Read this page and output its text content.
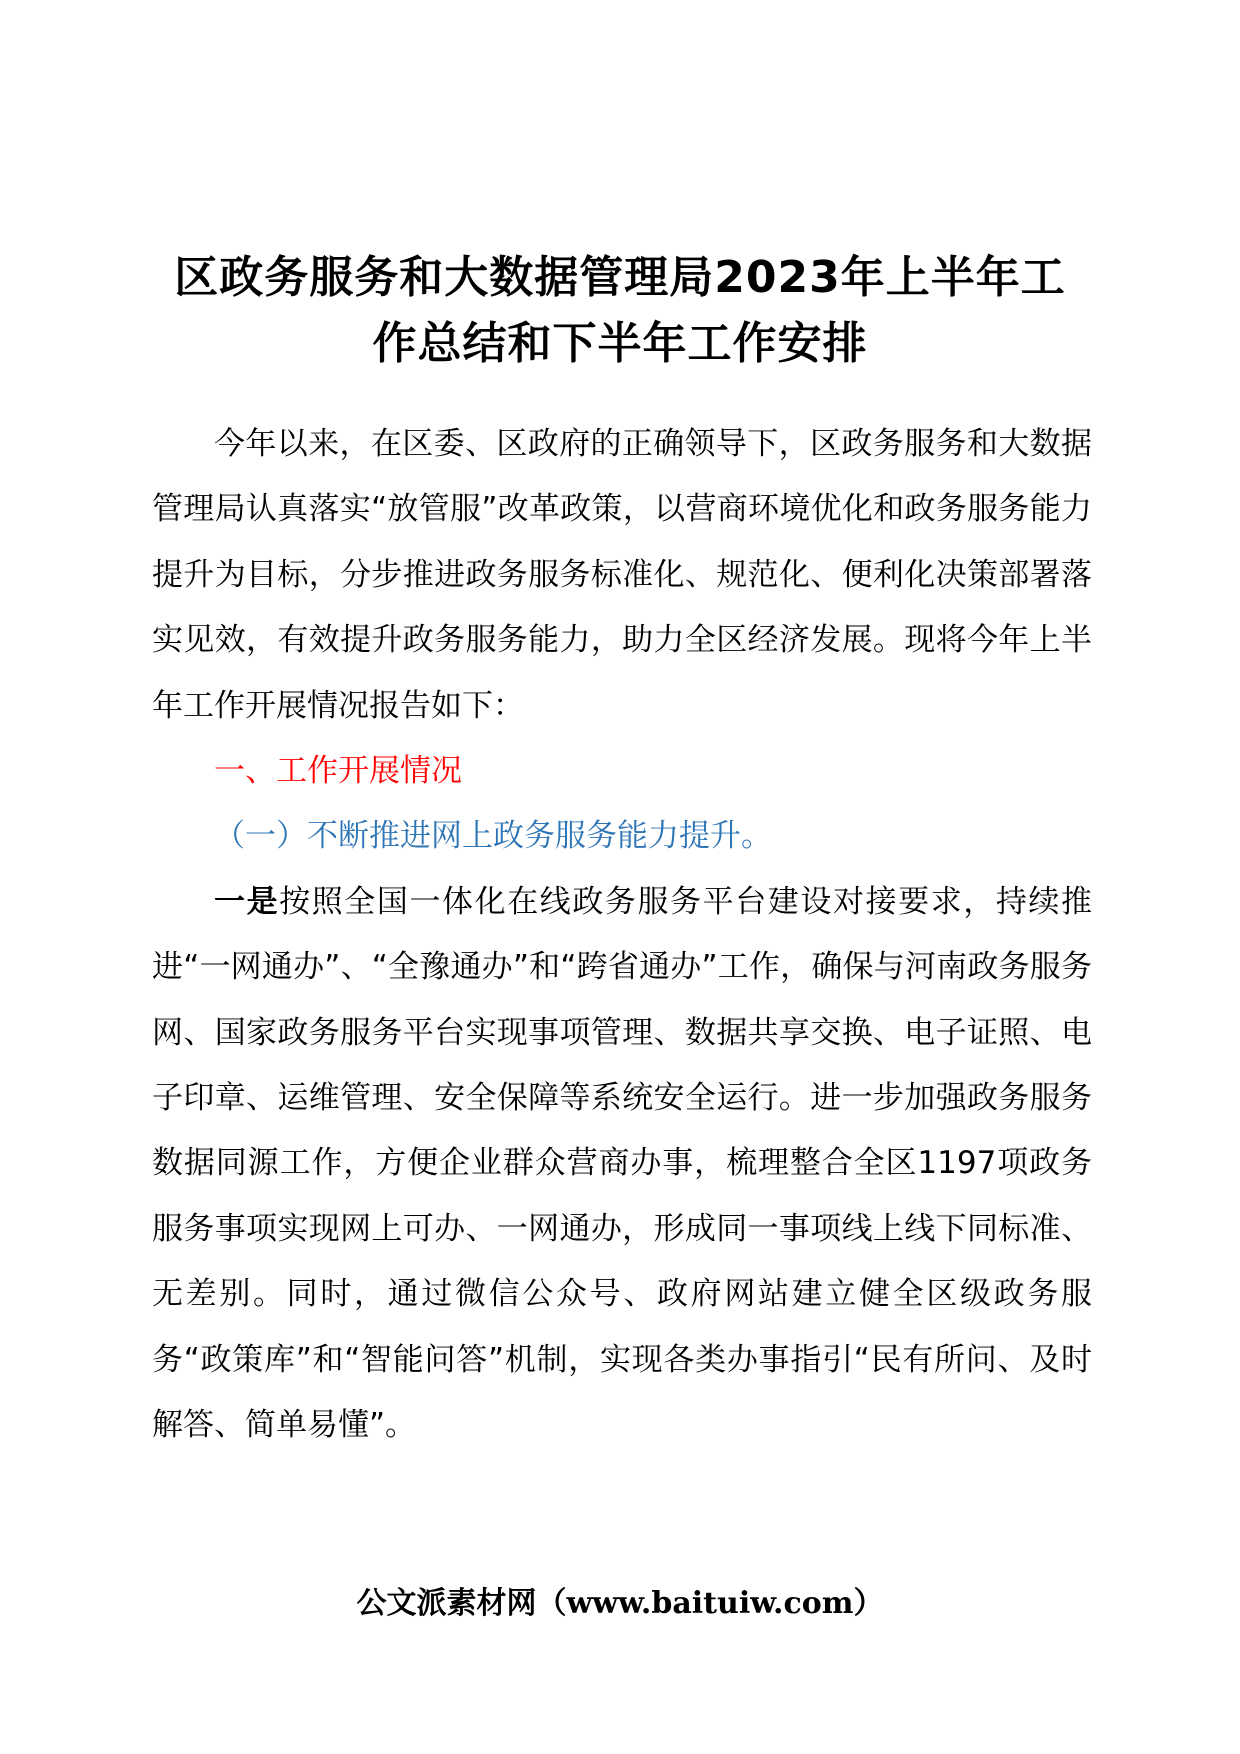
区政务服务和大数据管理局2023年上半年工
作总结和下半年工作安排

今年以来，在区委、区政府的正确领导下，区政务服务和大数据管理局认真落实“放管服”改革政策，以营商环境优化和政务服务能力提升为目标，分步推进政务服务标准化、规范化、便利化决策部署落实见效，有效提升政务服务能力，助力全区经济发展。现将今年上半年工作开展情况报告如下：

一、工作开展情况

（一）不断推进网上政务服务能力提升。

一是按照全国一体化在线政务服务平台建设对接要求，持续推进“一网通办”、“全豫通办”和“跨省通办”工作，确保与河南政务服务网、国家政务服务平台实现事项管理、数据共享交换、电子证照、电子印章、运维管理、安全保障等系统安全运行。进一步加强政务服务数据同源工作，方便企业群众营商办事，梳理整合全区1197项政务服务事项实现网上可办、一网通办，形成同一事项线上线下同标准、无差别。同时，通过微信公众号、政府网站建立健全区级政务服务“政策库”和“智能问答”机制，实现各类办事指引“民有所问、及时解答、简单易懂”。

公文派素材网（www.baituiw.com）
